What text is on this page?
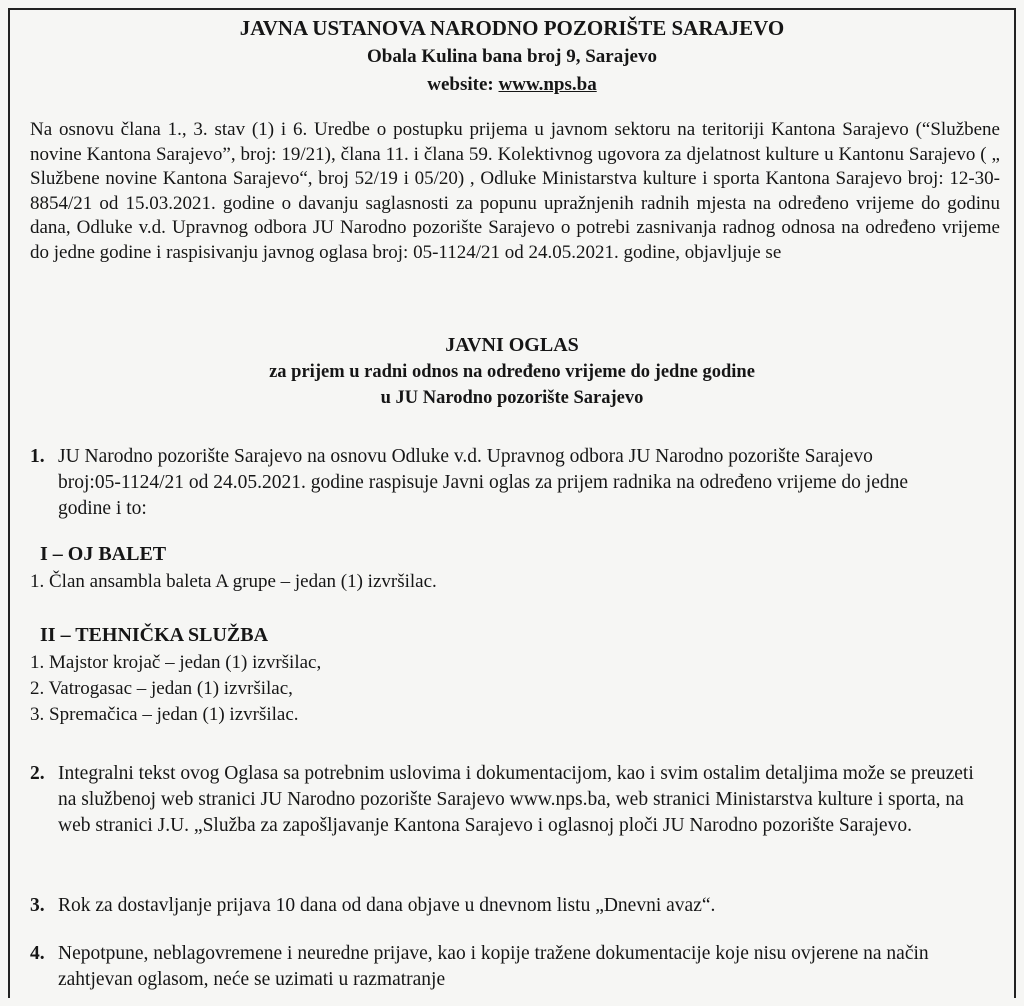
JAVNA USTANOVA NARODNO POZORIŠTE SARAJEVO
Obala Kulina bana broj 9, Sarajevo
website: www.nps.ba
Na osnovu člana 1., 3. stav (1) i 6. Uredbe o postupku prijema u javnom sektoru na teritoriji Kantona Sarajevo (“Službene novine Kantona Sarajevo”, broj: 19/21), člana 11. i člana 59. Kolektivnog ugovora za djelatnost kulture u Kantonu Sarajevo ( „ Službene novine Kantona Sarajevo“, broj 52/19 i 05/20) , Odluke Ministarstva kulture i sporta Kantona Sarajevo broj: 12-30-8854/21 od 15.03.2021. godine o davanju saglasnosti za popunu upražnjenih radnih mjesta na određeno vrijeme do godinu dana, Odluke v.d. Upravnog odbora JU Narodno pozorište Sarajevo o potrebi zasnivanja radnog odnosa na određeno vrijeme do jedne godine i raspisivanju javnog oglasa broj: 05-1124/21 od 24.05.2021. godine, objavljuje se
JAVNI OGLAS
za prijem u radni odnos na određeno vrijeme do jedne godine
u JU Narodno pozorište Sarajevo
1. JU Narodno pozorište Sarajevo na osnovu Odluke v.d. Upravnog odbora JU Narodno pozorište Sarajevo broj:05-1124/21 od 24.05.2021. godine raspisuje Javni oglas za prijem radnika na određeno vrijeme do jedne godine i to:
I – OJ BALET
1. Član ansambla baleta A grupe – jedan (1) izvršilac.
II – TEHNIČKA SLUŽBA
1. Majstor krojač – jedan (1) izvršilac,
2. Vatrogasac – jedan (1) izvršilac,
3. Spremačica – jedan (1) izvršilac.
2. Integralni tekst ovog Oglasa sa potrebnim uslovima i dokumentacijom, kao i svim ostalim detaljima može se preuzeti na službenoj web stranici JU Narodno pozorište Sarajevo www.nps.ba, web stranici Ministarstva kulture i sporta, na web stranici J.U. „Služba za zapošljavanje Kantona Sarajevo i oglasnoj ploči JU Narodno pozorište Sarajevo.
3. Rok za dostavljanje prijava 10 dana od dana objave u dnevnom listu „Dnevni avaz“.
4. Nepotpune, neblagovremene i neuredne prijave, kao i kopije tražene dokumentacije koje nisu ovjerene na način zahtjevan oglasom, neće se uzimati u razmatranje
